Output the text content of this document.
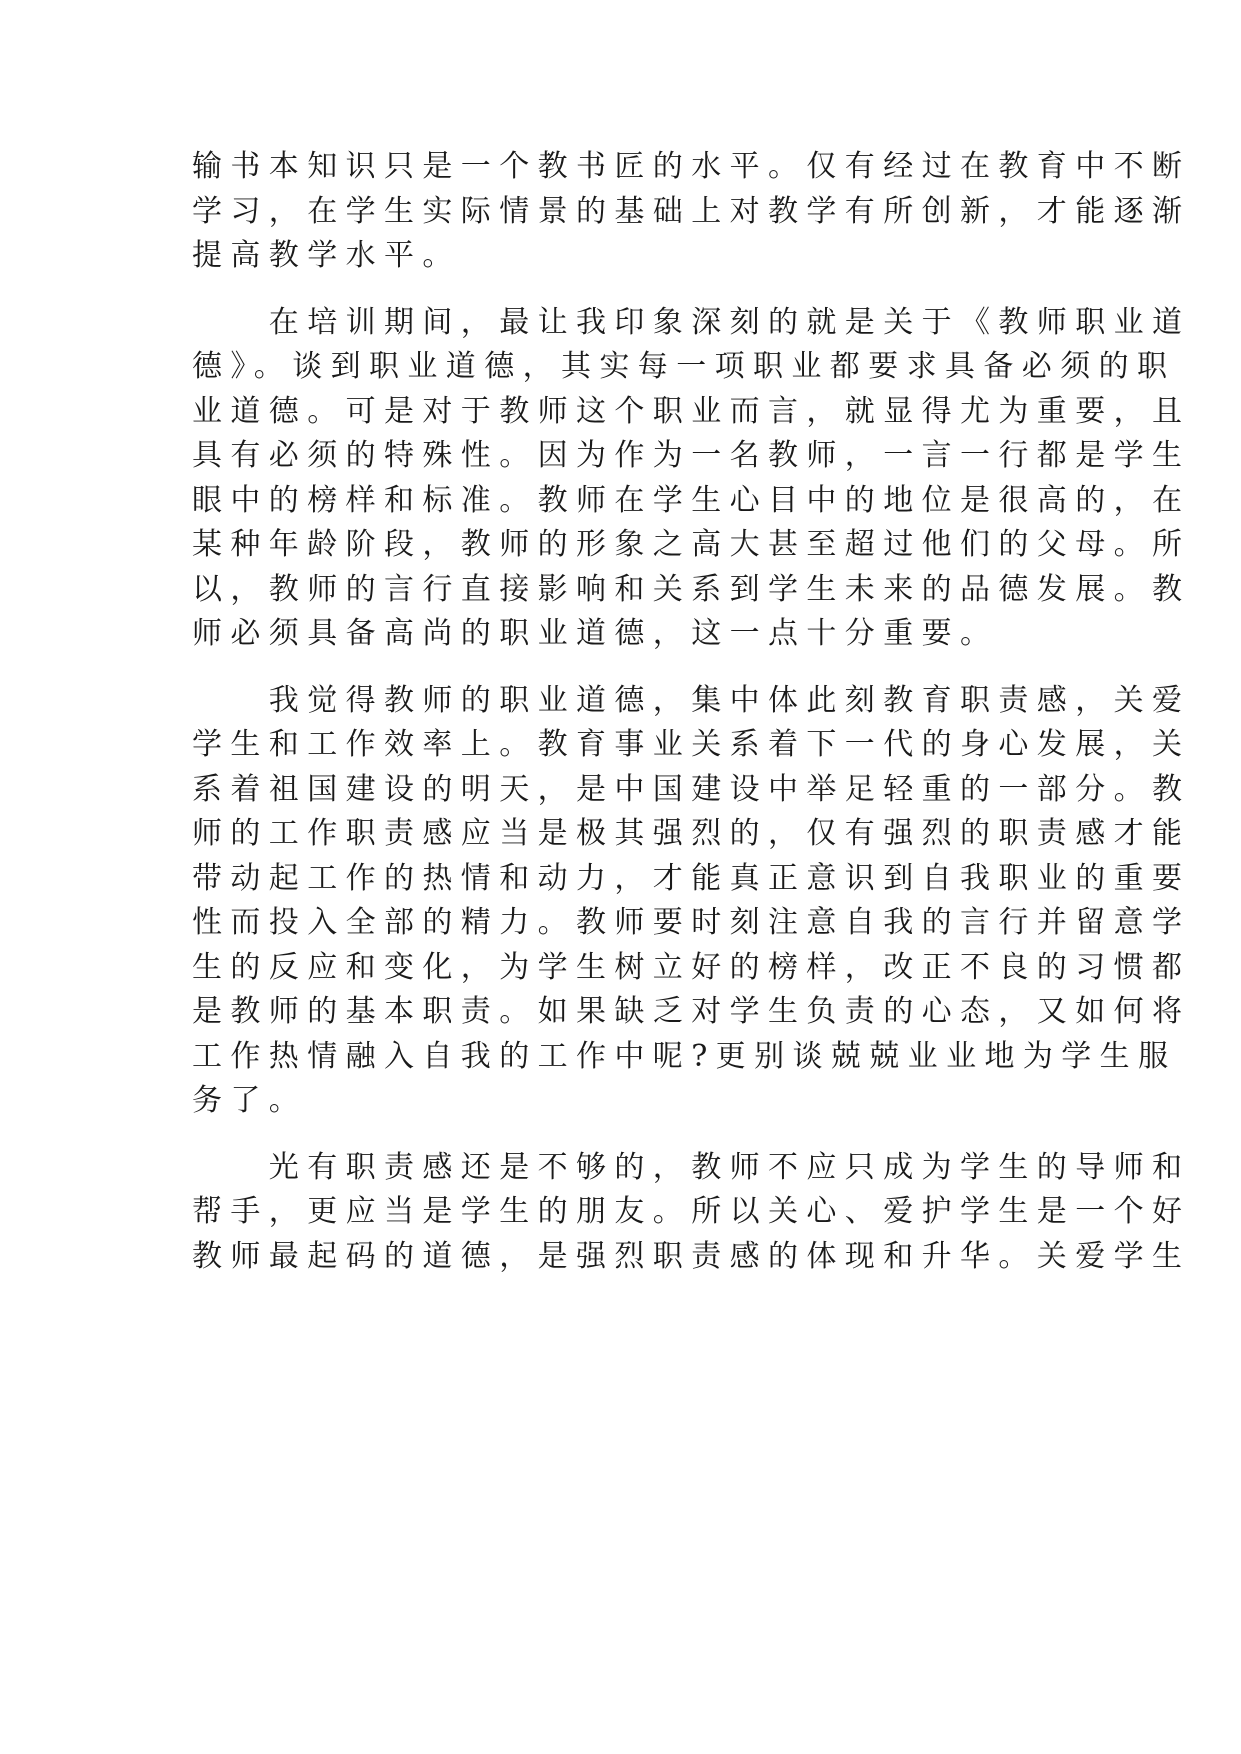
输书本知识只是一个教书匠的水平。仅有经过在教育中不断
学习，在学生实际情景的基础上对教学有所创新，才能逐渐
提高教学水平。
　　在培训期间，最让我印象深刻的就是关于《教师职业道
德》。谈到职业道德，其实每一项职业都要求具备必须的职
业道德。可是对于教师这个职业而言，就显得尤为重要，且
具有必须的特殊性。因为作为一名教师，一言一行都是学生
眼中的榜样和标准。教师在学生心目中的地位是很高的，在
某种年龄阶段，教师的形象之高大甚至超过他们的父母。所
以，教师的言行直接影响和关系到学生未来的品德发展。教
师必须具备高尚的职业道德，这一点十分重要。
　　我觉得教师的职业道德，集中体此刻教育职责感，关爱
学生和工作效率上。教育事业关系着下一代的身心发展，关
系着祖国建设的明天，是中国建设中举足轻重的一部分。教
师的工作职责感应当是极其强烈的，仅有强烈的职责感才能
带动起工作的热情和动力，才能真正意识到自我职业的重要
性而投入全部的精力。教师要时刻注意自我的言行并留意学
生的反应和变化，为学生树立好的榜样，改正不良的习惯都
是教师的基本职责。如果缺乏对学生负责的心态，又如何将
工作热情融入自我的工作中呢?更别谈兢兢业业地为学生服
务了。
　　光有职责感还是不够的，教师不应只成为学生的导师和
帮手，更应当是学生的朋友。所以关心、爱护学生是一个好
教师最起码的道德，是强烈职责感的体现和升华。关爱学生
